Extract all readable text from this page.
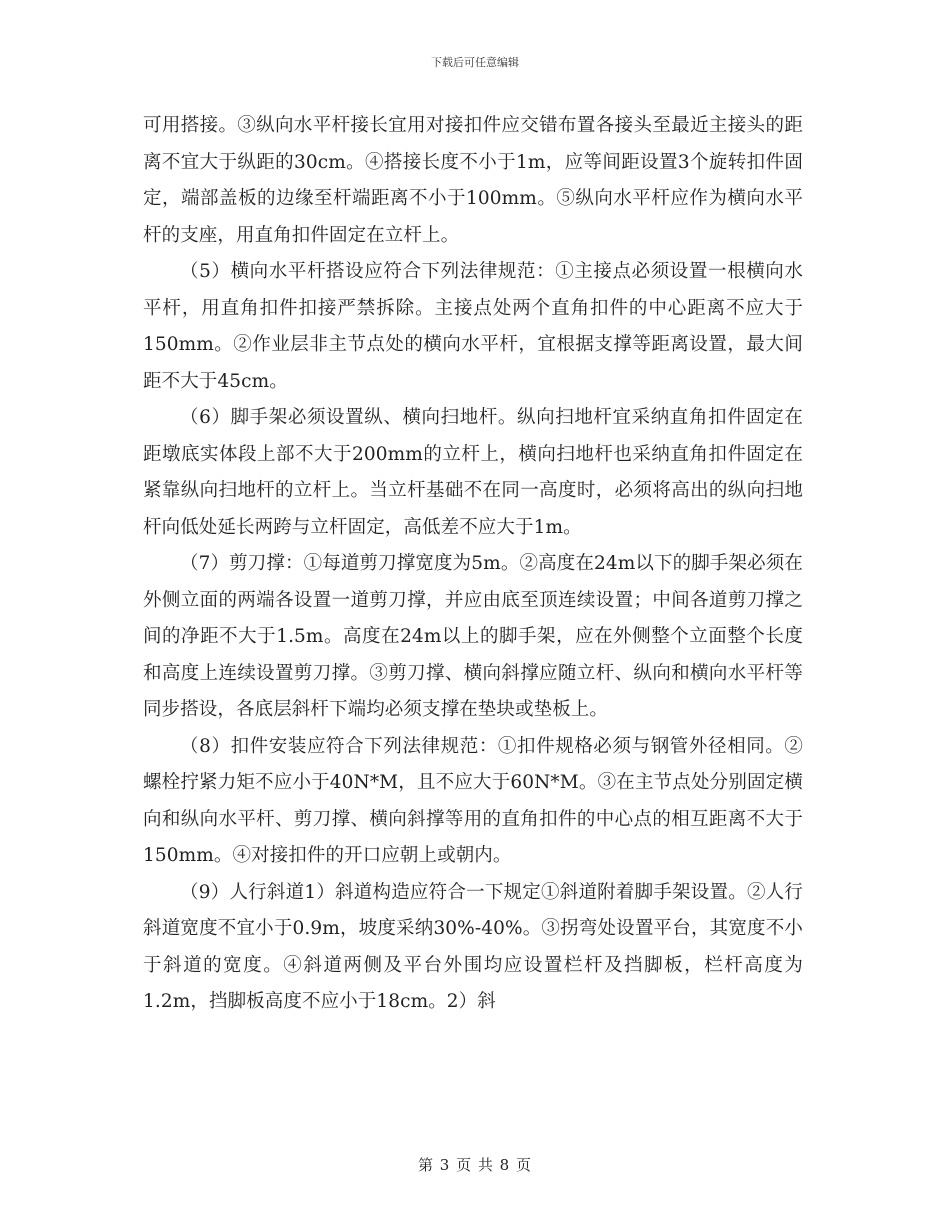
下载后可任意编辑

可用搭接。③纵向水平杆接长宜用对接扣件应交错布置各接头至最近主接头的距离不宜大于纵距的30cm。④搭接长度不小于1m，应等间距设置3个旋转扣件固定，端部盖板的边缘至杆端距离不小于100mm。⑤纵向水平杆应作为横向水平杆的支座，用直角扣件固定在立杆上。

（5）横向水平杆搭设应符合下列法律规范：①主接点必须设置一根横向水平杆，用直角扣件扣接严禁拆除。主接点处两个直角扣件的中心距离不应大于150mm。②作业层非主节点处的横向水平杆，宜根据支撑等距离设置，最大间距不大于45cm。

（6）脚手架必须设置纵、横向扫地杆。纵向扫地杆宜采纳直角扣件固定在距墩底实体段上部不大于200mm的立杆上，横向扫地杆也采纳直角扣件固定在紧靠纵向扫地杆的立杆上。当立杆基础不在同一高度时，必须将高出的纵向扫地杆向低处延长两跨与立杆固定，高低差不应大于1m。

（7）剪刀撑：①每道剪刀撑宽度为5m。②高度在24m以下的脚手架必须在外侧立面的两端各设置一道剪刀撑，并应由底至顶连续设置；中间各道剪刀撑之间的净距不大于1.5m。高度在24m以上的脚手架，应在外侧整个立面整个长度和高度上连续设置剪刀撑。③剪刀撑、横向斜撑应随立杆、纵向和横向水平杆等同步搭设，各底层斜杆下端均必须支撑在垫块或垫板上。

（8）扣件安装应符合下列法律规范：①扣件规格必须与钢管外径相同。②螺栓拧紧力矩不应小于40N*M，且不应大于60N*M。③在主节点处分别固定横向和纵向水平杆、剪刀撑、横向斜撑等用的直角扣件的中心点的相互距离不大于150mm。④对接扣件的开口应朝上或朝内。

（9）人行斜道1）斜道构造应符合一下规定①斜道附着脚手架设置。②人行斜道宽度不宜小于0.9m，坡度采纳30%-40%。③拐弯处设置平台，其宽度不小于斜道的宽度。④斜道两侧及平台外围均应设置栏杆及挡脚板，栏杆高度为1.2m，挡脚板高度不应小于18cm。2）斜

第 3 页 共 8 页
